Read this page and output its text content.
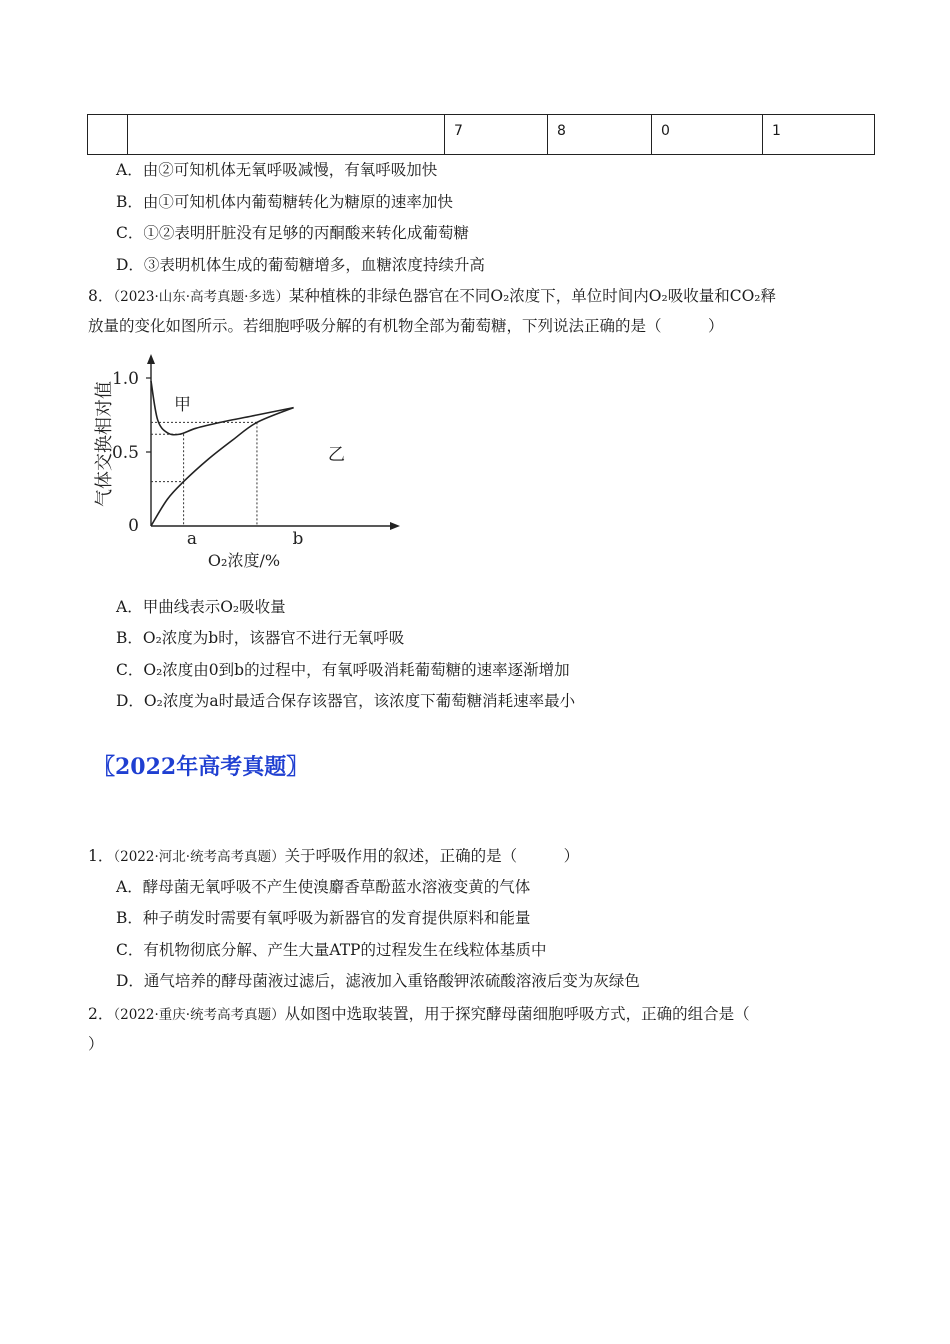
		7	8	0	1
A．由②可知机体无氧呼吸减慢，有氧呼吸加快
B．由①可知机体内葡萄糖转化为糖原的速率加快
C．①②表明肝脏没有足够的丙酮酸来转化成葡萄糖
D．③表明机体生成的葡萄糖增多，血糖浓度持续升高
8．（2023·山东·高考真题·多选）某种植株的非绿色器官在不同O₂浓度下，单位时间内O₂吸收量和CO₂释
放量的变化如图所示。若细胞呼吸分解的有机物全部为葡萄糖，下列说法正确的是（　　　）
1.0
0.5
0
a	b
O₂浓度/%
气体交换相对值	甲
乙
A．甲曲线表示O₂吸收量
B．O₂浓度为b时，该器官不进行无氧呼吸
C．O₂浓度由0到b的过程中，有氧呼吸消耗葡萄糖的速率逐渐增加
D．O₂浓度为a时最适合保存该器官，该浓度下葡萄糖消耗速率最小
〖2022年高考真题〗
1．（2022·河北·统考高考真题）关于呼吸作用的叙述，正确的是（　　　）
A．酵母菌无氧呼吸不产生使溴麝香草酚蓝水溶液变黄的气体
B．种子萌发时需要有氧呼吸为新器官的发育提供原料和能量
C．有机物彻底分解、产生大量ATP的过程发生在线粒体基质中
D．通气培养的酵母菌液过滤后，滤液加入重铬酸钾浓硫酸溶液后变为灰绿色
2．（2022·重庆·统考高考真题）从如图中选取装置，用于探究酵母菌细胞呼吸方式，正确的组合是（
）
